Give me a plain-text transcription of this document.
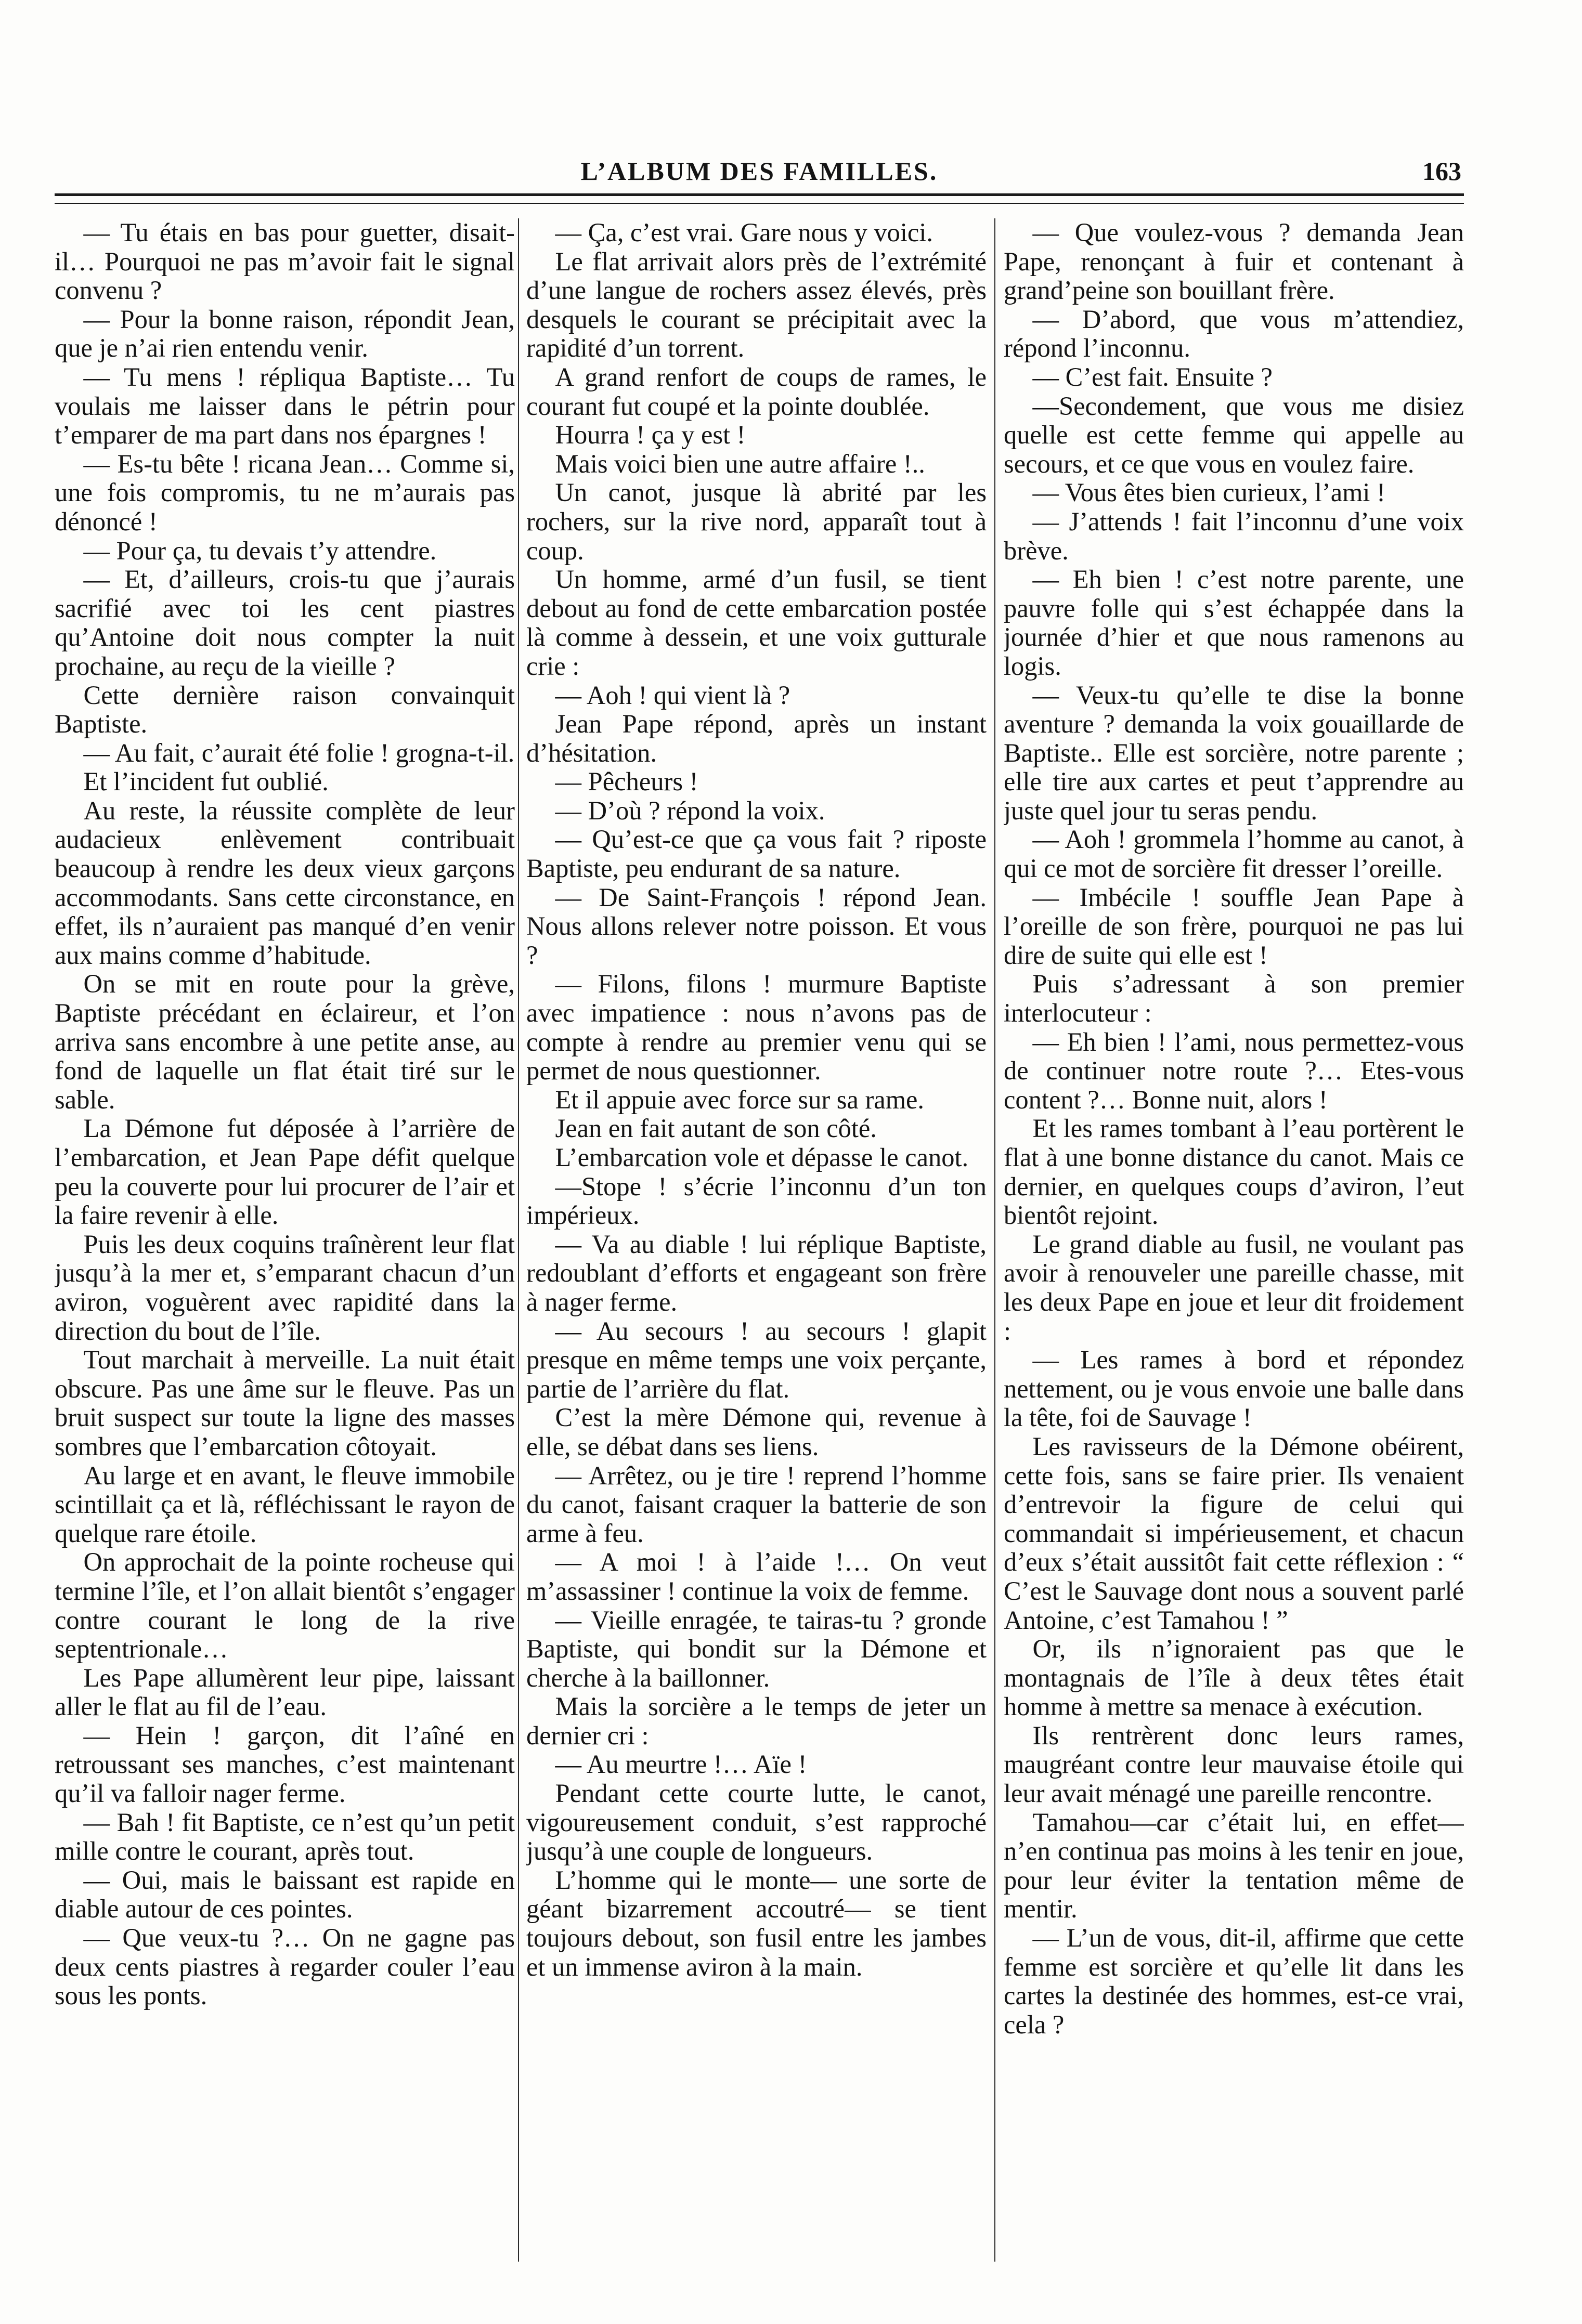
L’ALBUM DES FAMILLES.	163

— Tu étais en bas pour guetter, disait-il… Pourquoi ne pas m’avoir fait le signal convenu ?

— Pour la bonne raison, répondit Jean, que je n’ai rien entendu venir.

— Tu mens ! répliqua Baptiste… Tu voulais me laisser dans le pétrin pour t’emparer de ma part dans nos épargnes !

— Es-tu bête ! ricana Jean… Comme si, une fois compromis, tu ne m’aurais pas dénoncé !

— Pour ça, tu devais t’y attendre.

— Et, d’ailleurs, crois-tu que j’aurais sacrifié avec toi les cent piastres qu’Antoine doit nous compter la nuit prochaine, au reçu de la vieille ?

Cette dernière raison convainquit Baptiste.

— Au fait, c’aurait été folie ! grogna-t-il.

Et l’incident fut oublié.

Au reste, la réussite complète de leur audacieux enlèvement contribuait beaucoup à rendre les deux vieux garçons accommodants. Sans cette circonstance, en effet, ils n’auraient pas manqué d’en venir aux mains comme d’habitude.

On se mit en route pour la grève, Baptiste précédant en éclaireur, et l’on arriva sans encombre à une petite anse, au fond de laquelle un flat était tiré sur le sable.

La Démone fut déposée à l’arrière de l’embarcation, et Jean Pape défit quelque peu la couverte pour lui procurer de l’air et la faire revenir à elle.

Puis les deux coquins traînèrent leur flat jusqu’à la mer et, s’emparant chacun d’un aviron, voguèrent avec rapidité dans la direction du bout de l’île.

Tout marchait à merveille. La nuit était obscure. Pas une âme sur le fleuve. Pas un bruit suspect sur toute la ligne des masses sombres que l’embarcation côtoyait.

Au large et en avant, le fleuve immobile scintillait ça et là, réfléchissant le rayon de quelque rare étoile.

On approchait de la pointe rocheuse qui termine l’île, et l’on allait bientôt s’engager contre courant le long de la rive septentrionale…

Les Pape allumèrent leur pipe, laissant aller le flat au fil de l’eau.

— Hein ! garçon, dit l’aîné en retroussant ses manches, c’est maintenant qu’il va falloir nager ferme.

— Bah ! fit Baptiste, ce n’est qu’un petit mille contre le courant, après tout.

— Oui, mais le baissant est rapide en diable autour de ces pointes.

— Que veux-tu ?… On ne gagne pas deux cents piastres à regarder couler l’eau sous les ponts.

— Ça, c’est vrai. Gare nous y voici.

Le flat arrivait alors près de l’extrémité d’une langue de rochers assez élevés, près desquels le courant se précipitait avec la rapidité d’un torrent.

A grand renfort de coups de rames, le courant fut coupé et la pointe doublée.

Hourra ! ça y est !

Mais voici bien une autre affaire !..

Un canot, jusque là abrité par les rochers, sur la rive nord, apparaît tout à coup.

Un homme, armé d’un fusil, se tient debout au fond de cette embarcation postée là comme à dessein, et une voix gutturale crie :

— Aoh ! qui vient là ?

Jean Pape répond, après un instant d’hésitation.

— Pêcheurs !

— D’où ? répond la voix.

— Qu’est-ce que ça vous fait ? riposte Baptiste, peu endurant de sa nature.

— De Saint-François ! répond Jean. Nous allons relever notre poisson. Et vous ?

— Filons, filons ! murmure Baptiste avec impatience : nous n’avons pas de compte à rendre au premier venu qui se permet de nous questionner.

Et il appuie avec force sur sa rame.

Jean en fait autant de son côté.

L’embarcation vole et dépasse le canot.

—Stope ! s’écrie l’inconnu d’un ton impérieux.

— Va au diable ! lui réplique Baptiste, redoublant d’efforts et engageant son frère à nager ferme.

— Au secours ! au secours ! glapit presque en même temps une voix perçante, partie de l’arrière du flat.

C’est la mère Démone qui, revenue à elle, se débat dans ses liens.

— Arrêtez, ou je tire ! reprend l’homme du canot, faisant craquer la batterie de son arme à feu.

— A moi ! à l’aide !… On veut m’assassiner ! continue la voix de femme.

— Vieille enragée, te tairas-tu ? gronde Baptiste, qui bondit sur la Démone et cherche à la baillonner.

Mais la sorcière a le temps de jeter un dernier cri :

— Au meurtre !… Aïe !

Pendant cette courte lutte, le canot, vigoureusement conduit, s’est rapproché jusqu’à une couple de longueurs.

L’homme qui le monte— une sorte de géant bizarrement accoutré— se tient toujours debout, son fusil entre les jambes et un immense aviron à la main.

— Que voulez-vous ? demanda Jean Pape, renonçant à fuir et contenant à grand’peine son bouillant frère.

— D’abord, que vous m’attendiez, répond l’inconnu.

— C’est fait. Ensuite ?

—Secondement, que vous me disiez quelle est cette femme qui appelle au secours, et ce que vous en voulez faire.

— Vous êtes bien curieux, l’ami !

— J’attends ! fait l’inconnu d’une voix brève.

— Eh bien ! c’est notre parente, une pauvre folle qui s’est échappée dans la journée d’hier et que nous ramenons au logis.

— Veux-tu qu’elle te dise la bonne aventure ? demanda la voix gouaillarde de Baptiste.. Elle est sorcière, notre parente ; elle tire aux cartes et peut t’apprendre au juste quel jour tu seras pendu.

— Aoh ! grommela l’homme au canot, à qui ce mot de sorcière fit dresser l’oreille.

— Imbécile ! souffle Jean Pape à l’oreille de son frère, pourquoi ne pas lui dire de suite qui elle est !

Puis s’adressant à son premier interlocuteur :

— Eh bien ! l’ami, nous permettez-vous de continuer notre route ?… Etes-vous content ?… Bonne nuit, alors !

Et les rames tombant à l’eau portèrent le flat à une bonne distance du canot. Mais ce dernier, en quelques coups d’aviron, l’eut bientôt rejoint.

Le grand diable au fusil, ne voulant pas avoir à renouveler une pareille chasse, mit les deux Pape en joue et leur dit froidement :

— Les rames à bord et répondez nettement, ou je vous envoie une balle dans la tête, foi de Sauvage !

Les ravisseurs de la Démone obéirent, cette fois, sans se faire prier. Ils venaient d’entrevoir la figure de celui qui commandait si impérieusement, et chacun d’eux s’était aussitôt fait cette réflexion : “ C’est le Sauvage dont nous a souvent parlé Antoine, c’est Tamahou ! ”

Or, ils n’ignoraient pas que le montagnais de l’île à deux têtes était homme à mettre sa menace à exécution.

Ils rentrèrent donc leurs rames, maugréant contre leur mauvaise étoile qui leur avait ménagé une pareille rencontre.

Tamahou—car c’était lui, en effet— n’en continua pas moins à les tenir en joue, pour leur éviter la tentation même de mentir.

— L’un de vous, dit-il, affirme que cette femme est sorcière et qu’elle lit dans les cartes la destinée des hommes, est-ce vrai, cela ?
